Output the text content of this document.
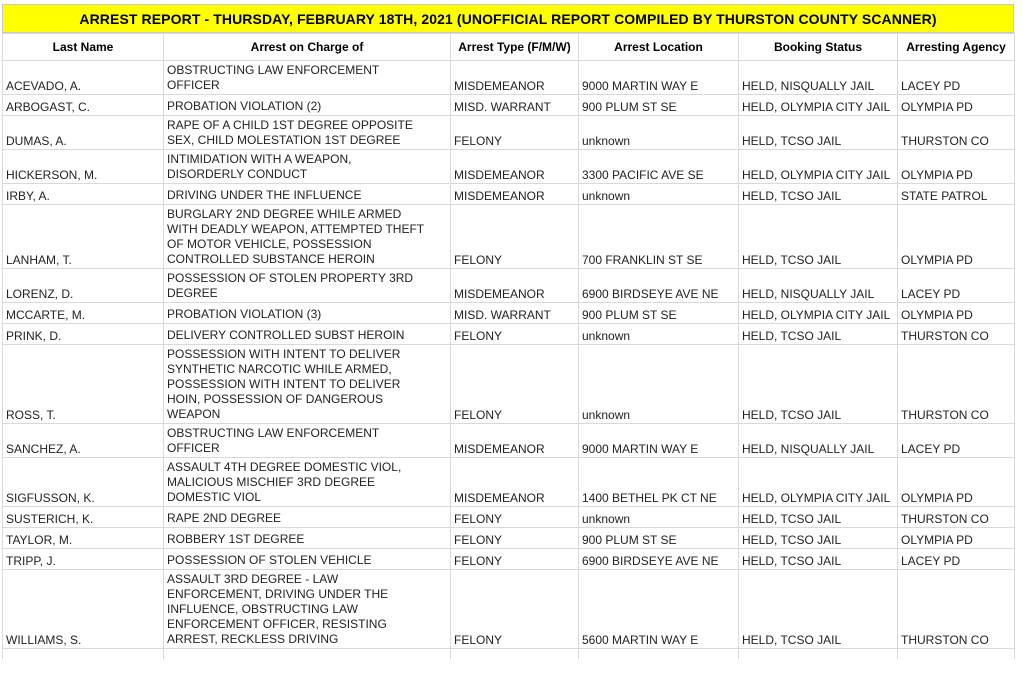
ARREST REPORT - THURSDAY, FEBRUARY 18TH, 2021 (UNOFFICIAL REPORT COMPILED BY THURSTON COUNTY SCANNER)
Last Name	Arrest on Charge of	Arrest Type (F/M/W)	Arrest Location	Booking Status	Arresting Agency
ACEVADO, A.	OBSTRUCTING LAW ENFORCEMENT
OFFICER	MISDEMEANOR	9000 MARTIN WAY E	HELD, NISQUALLY JAIL	LACEY PD
ARBOGAST, C.	PROBATION VIOLATION (2)	MISD. WARRANT	900 PLUM ST SE	HELD, OLYMPIA CITY JAIL	OLYMPIA PD
DUMAS, A.	RAPE OF A CHILD 1ST DEGREE OPPOSITE
SEX, CHILD MOLESTATION 1ST DEGREE	FELONY	unknown	HELD, TCSO JAIL	THURSTON CO
HICKERSON, M.	INTIMIDATION WITH A WEAPON,
DISORDERLY CONDUCT	MISDEMEANOR	3300 PACIFIC AVE SE	HELD, OLYMPIA CITY JAIL	OLYMPIA PD
IRBY, A.	DRIVING UNDER THE INFLUENCE	MISDEMEANOR	unknown	HELD, TCSO JAIL	STATE PATROL
LANHAM, T.	BURGLARY 2ND DEGREE WHILE ARMED
WITH DEADLY WEAPON, ATTEMPTED THEFT
OF MOTOR VEHICLE, POSSESSION
CONTROLLED SUBSTANCE HEROIN	FELONY	700 FRANKLIN ST SE	HELD, TCSO JAIL	OLYMPIA PD
LORENZ, D.	POSSESSION OF STOLEN PROPERTY 3RD
DEGREE	MISDEMEANOR	6900 BIRDSEYE AVE NE	HELD, NISQUALLY JAIL	LACEY PD
MCCARTE, M.	PROBATION VIOLATION (3)	MISD. WARRANT	900 PLUM ST SE	HELD, OLYMPIA CITY JAIL	OLYMPIA PD
PRINK, D.	DELIVERY CONTROLLED SUBST HEROIN	FELONY	unknown	HELD, TCSO JAIL	THURSTON CO
ROSS, T.	POSSESSION WITH INTENT TO DELIVER
SYNTHETIC NARCOTIC WHILE ARMED,
POSSESSION WITH INTENT TO DELIVER
HOIN, POSSESSION OF DANGEROUS
WEAPON	FELONY	unknown	HELD, TCSO JAIL	THURSTON CO
SANCHEZ, A.	OBSTRUCTING LAW ENFORCEMENT
OFFICER	MISDEMEANOR	9000 MARTIN WAY E	HELD, NISQUALLY JAIL	LACEY PD
SIGFUSSON, K.	ASSAULT 4TH DEGREE DOMESTIC VIOL,
MALICIOUS MISCHIEF 3RD DEGREE
DOMESTIC VIOL	MISDEMEANOR	1400 BETHEL PK CT NE	HELD, OLYMPIA CITY JAIL	OLYMPIA PD
SUSTERICH, K.	RAPE 2ND DEGREE	FELONY	unknown	HELD, TCSO JAIL	THURSTON CO
TAYLOR, M.	ROBBERY 1ST DEGREE	FELONY	900 PLUM ST SE	HELD, TCSO JAIL	OLYMPIA PD
TRIPP, J.	POSSESSION OF STOLEN VEHICLE	FELONY	6900 BIRDSEYE AVE NE	HELD, TCSO JAIL	LACEY PD
WILLIAMS, S.	ASSAULT 3RD DEGREE - LAW
ENFORCEMENT, DRIVING UNDER THE
INFLUENCE, OBSTRUCTING LAW
ENFORCEMENT OFFICER, RESISTING
ARREST, RECKLESS DRIVING	FELONY	5600 MARTIN WAY E	HELD, TCSO JAIL	THURSTON CO
